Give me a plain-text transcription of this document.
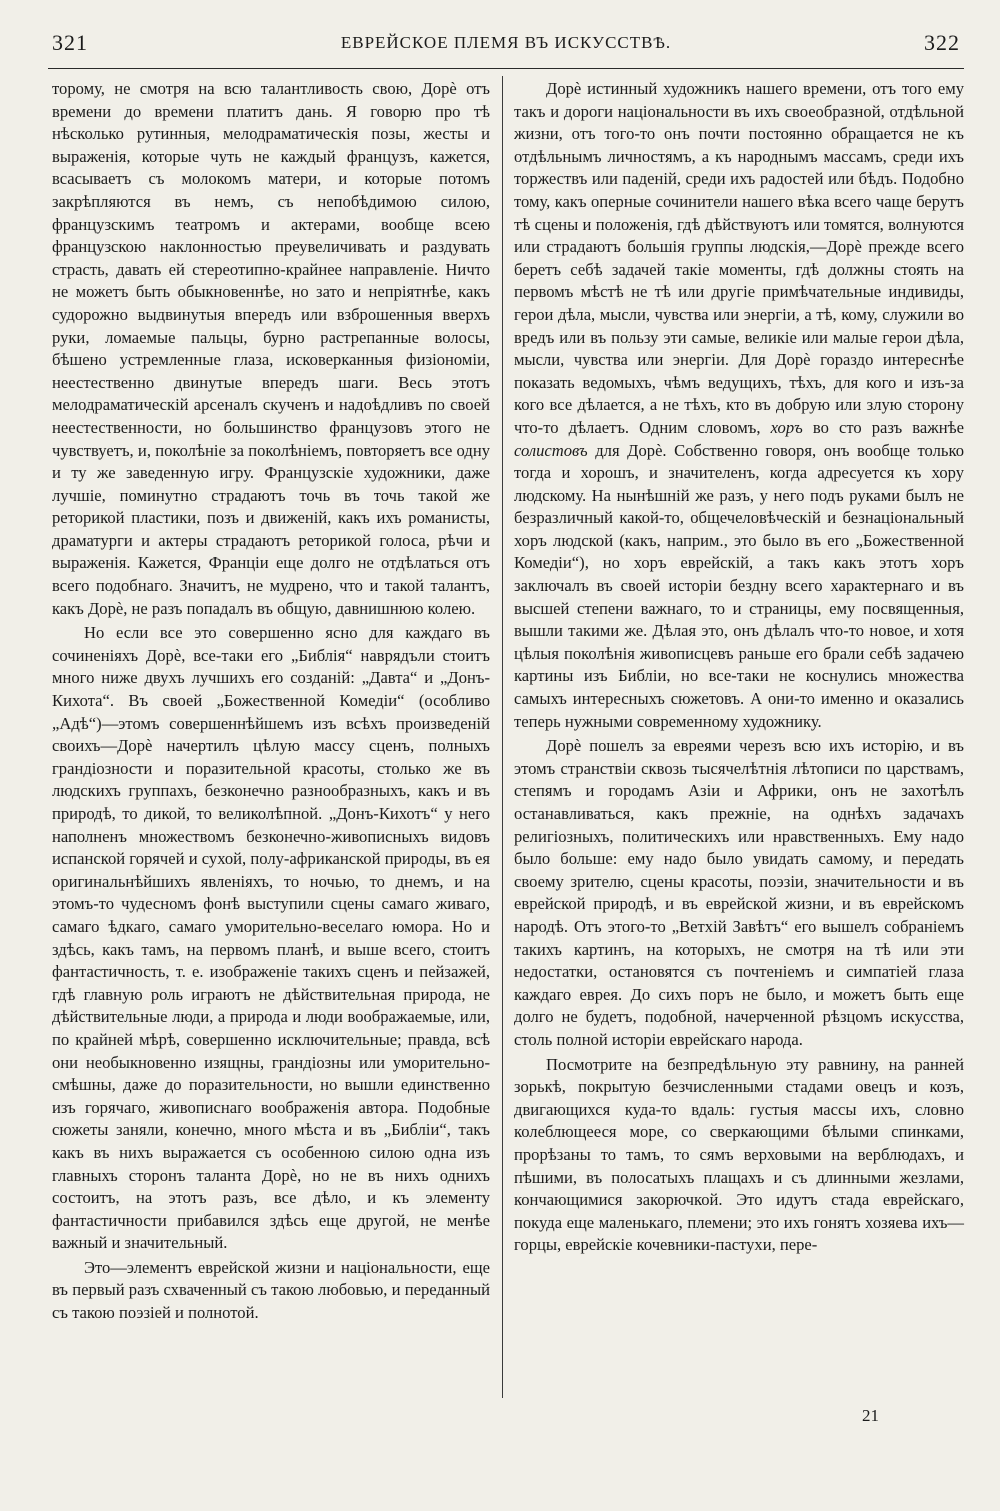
321	ЕВРЕЙСКОЕ ПЛЕМЯ ВЪ ИСКУССТВѢ.	322

торому, не смотря на всю талантливость свою, Дорè отъ времени до времени платитъ дань. Я говорю про тѣ нѣсколько рутинныя, мелодраматическія позы, жесты и выраженія, которые чуть не каждый французъ, кажется, всасываетъ съ молокомъ матери, и которые потомъ закрѣпляются въ немъ, съ непобѣдимою силою, французскимъ театромъ и актерами, вообще всею французскою наклонностью преувеличивать и раздувать страсть, давать ей стереотипно-крайнее направленіе. Ничто не можетъ быть обыкновеннѣе, но зато и непріятнѣе, какъ судорожно выдвинутыя впередъ или взброшенныя вверхъ руки, ломаемые пальцы, бурно растрепанные волосы, бѣшено устремленные глаза, исковерканныя физіономіи, неестественно двинутые впередъ шаги. Весь этотъ мелодраматическій арсеналъ скученъ и надоѣдливъ по своей неестественности, но большинство французовъ этого не чувствуетъ, и, поколѣніе за поколѣніемъ, повторяетъ все одну и ту же заведенную игру. Французскіе художники, даже лучшіе, поминутно страдаютъ точь въ точь такой же реторикой пластики, позъ и движеній, какъ ихъ романисты, драматурги и актеры страдаютъ реторикой голоса, рѣчи и выраженія. Кажется, Франціи еще долго не отдѣлаться отъ всего подобнаго. Значитъ, не мудрено, что и такой талантъ, какъ Дорè, не разъ попадалъ въ общую, давнишнюю колею.

Но если все это совершенно ясно для каждаго въ сочиненіяхъ Дорè, все-таки его „Библія“ наврядъли стоитъ много ниже двухъ лучшихъ его созданій: „Давта“ и „Донъ-Кихота“. Въ своей „Божественной Комедіи“ (особливо „Адѣ“)—этомъ совершеннѣйшемъ изъ всѣхъ произведеній своихъ—Дорè начертилъ цѣлую массу сценъ, полныхъ грандіозности и поразительной красоты, столько же въ людскихъ группахъ, безконечно разнообразныхъ, какъ и въ природѣ, то дикой, то великолѣпной. „Донъ-Кихотъ“ у него наполненъ множествомъ безконечно-живописныхъ видовъ испанской горячей и сухой, полу-африканской природы, въ ея оригинальнѣйшихъ явленіяхъ, то ночью, то днемъ, и на этомъ-то чудесномъ фонѣ выступили сцены самаго живаго, самаго ѣдкаго, самаго уморительно-веселаго юмора. Но и здѣсь, какъ тамъ, на первомъ планѣ, и выше всего, стоитъ фантастичность, т. е. изображеніе такихъ сценъ и пейзажей, гдѣ главную роль играютъ не дѣйствительная природа, не дѣйствительные люди, а природа и люди воображаемые, или, по крайней мѣрѣ, совершенно исключительные; правда, всѣ они необыкновенно изящны, грандіозны или уморительно-смѣшны, даже до поразительности, но вышли единственно изъ горячаго, живописнаго воображенія автора. Подобные сюжеты заняли, конечно, много мѣста и въ „Библіи“, такъ какъ въ нихъ выражается съ особенною силою одна изъ главныхъ сторонъ таланта Дорè, но не въ нихъ однихъ состоитъ, на этотъ разъ, все дѣло, и къ элементу фантастичности прибавился здѣсь еще другой, не менѣе важный и значительный.

Это—элементъ еврейской жизни и національности, еще въ первый разъ схваченный съ такою любовью, и переданный съ такою поэзіей и полнотой.

Дорè истинный художникъ нашего времени, отъ того ему такъ и дороги національности въ ихъ своеобразной, отдѣльной жизни, отъ того-то онъ почти постоянно обращается не къ отдѣльнымъ личностямъ, а къ народнымъ массамъ, среди ихъ торжествъ или паденій, среди ихъ радостей или бѣдъ. Подобно тому, какъ оперные сочинители нашего вѣка всего чаще берутъ тѣ сцены и положенія, гдѣ дѣйствуютъ или томятся, волнуются или страдаютъ большія группы людскія,—Дорè прежде всего беретъ себѣ задачей такіе моменты, гдѣ должны стоять на первомъ мѣстѣ не тѣ или другіе примѣчательные индивиды, герои дѣла, мысли, чувства или энергіи, а тѣ, кому, служили во вредъ или въ пользу эти самые, великіе или малые герои дѣла, мысли, чувства или энергіи. Для Дорè гораздо интереснѣе показать ведомыхъ, чѣмъ ведущихъ, тѣхъ, для кого и изъ-за кого все дѣлается, а не тѣхъ, кто въ добрую или злую сторону что-то дѣлаетъ. Одним словомъ, хоръ во сто разъ важнѣе солистовъ для Дорè. Собственно говоря, онъ вообще только тогда и хорошъ, и значителенъ, когда адресуется къ хору людскому. На нынѣшній же разъ, у него подъ руками былъ не безразличный какой-то, общечеловѣческій и безнаціональный хоръ людской (какъ, наприм., это было въ его „Божественной Комедіи“), но хоръ еврейскій, а такъ какъ этотъ хоръ заключалъ въ своей исторіи бездну всего характернаго и въ высшей степени важнаго, то и страницы, ему посвященныя, вышли такими же. Дѣлая это, онъ дѣлалъ что-то новое, и хотя цѣлыя поколѣнія живописцевъ раньше его брали себѣ задачею картины изъ Библіи, но все-таки не коснулись множества самыхъ интересныхъ сюжетовъ. А они-то именно и оказались теперь нужными современному художнику.

Дорè пошелъ за евреями черезъ всю ихъ исторію, и въ этомъ странствіи сквозь тысячелѣтнія лѣтописи по царствамъ, степямъ и городамъ Азіи и Африки, онъ не захотѣлъ останавливаться, какъ прежніе, на однѣхъ задачахъ религіозныхъ, политическихъ или нравственныхъ. Ему надо было больше: ему надо было увидать самому, и передать своему зрителю, сцены красоты, поэзіи, значительности и въ еврейской природѣ, и въ еврейской жизни, и въ еврейскомъ народѣ. Отъ этого-то „Ветхій Завѣтъ“ его вышелъ собраніемъ такихъ картинъ, на которыхъ, не смотря на тѣ или эти недостатки, остановятся съ почтеніемъ и симпатіей глаза каждаго еврея. До сихъ поръ не было, и можетъ быть еще долго не будетъ, подобной, начерченной рѣзцомъ искусства, столь полной исторіи еврейскаго народа.

Посмотрите на безпредѣльную эту равнину, на ранней зорькѣ, покрытую безчисленными стадами овецъ и козъ, двигающихся куда-то вдаль: густыя массы ихъ, словно колеблющееся море, со сверкающими бѣлыми спинками, прорѣзаны то тамъ, то сямъ верховыми на верблюдахъ, и пѣшими, въ полосатыхъ плащахъ и съ длинными жезлами, кончающимися закорючкой. Это идутъ стада еврейскаго, покуда еще маленькаго, племени; это ихъ гонятъ хозяева ихъ—горцы, еврейскіе кочевники-пастухи, пере-

21
